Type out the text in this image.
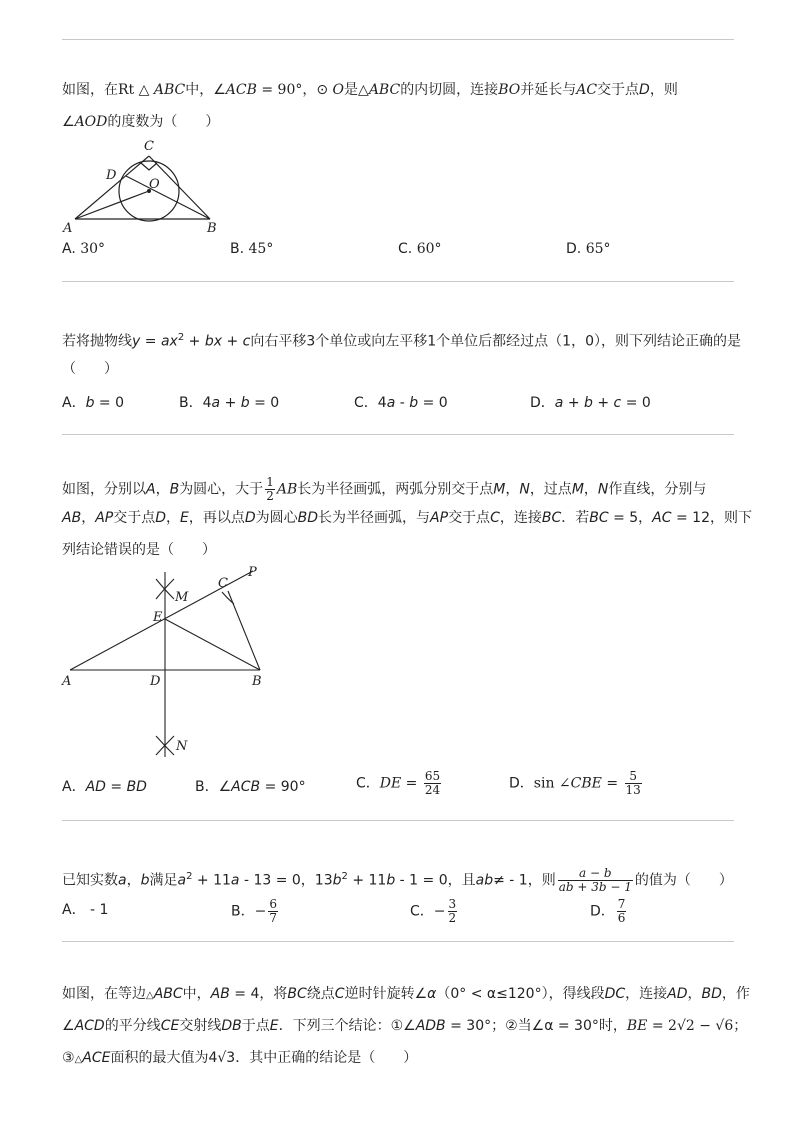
如图，在Rt △ ABC中，∠ACB = 90°，⊙ O是△ABC的内切圆，连接BO并延长与AC交于点D，则
∠AOD的度数为（　　）
C
D
O
A	B
A. 30°	B. 45°	C. 60°	D. 65°
若将抛物线$y = ax^2$ + bx + c向右平移3个单位或向左平移1个单位后都经过点（1，0），则下列结论正确的是
（　　）
A．b = 0	B．4a + b = 0	C．4a - b = 0	D．a + b + c = 0
如图，分别以A，B为圆心，大于 $\frac{1}{2}$ AB长为半径画弧，两弧分别交于点M，N，过点M，N作直线，分别与
AB，AP交于点D，E，再以点D为圆心BD长为半径画弧，与AP交于点C，连接BC．若BC = 5，AC = 12，则下
列结论错误的是（　　）
P
C
M
E
A	D	B
N
A．AD = BD	B．∠ACB = 90°	C．DE = $\frac{65}{24}$	D．sin ∠CBE = $\frac{5}{13}$
已知实数a，b满足$a^2 + 11a - 13 = 0$，$13b^2 + 11b - 1 = 0$，且ab≠ - 1，则 $\frac{a - b}{ab + 3b - 1}$ 的值为（　　）
A． - 1	B．− $\frac{6}{7}$	C．− $\frac{3}{2}$	D． $\frac{7}{6}$
如图，在等边△ABC中，AB = 4，将BC绕点C逆时针旋转∠α（0° < α≤120°），得线段DC，连接AD，BD，作
∠ACD的平分线CE交射线DB于点E．下列三个结论：①∠ADB = 30°；②当∠α = 30°时，BE = 2√2 − √6；
③△ACE面积的最大值为4√3．其中正确的结论是（　　）
